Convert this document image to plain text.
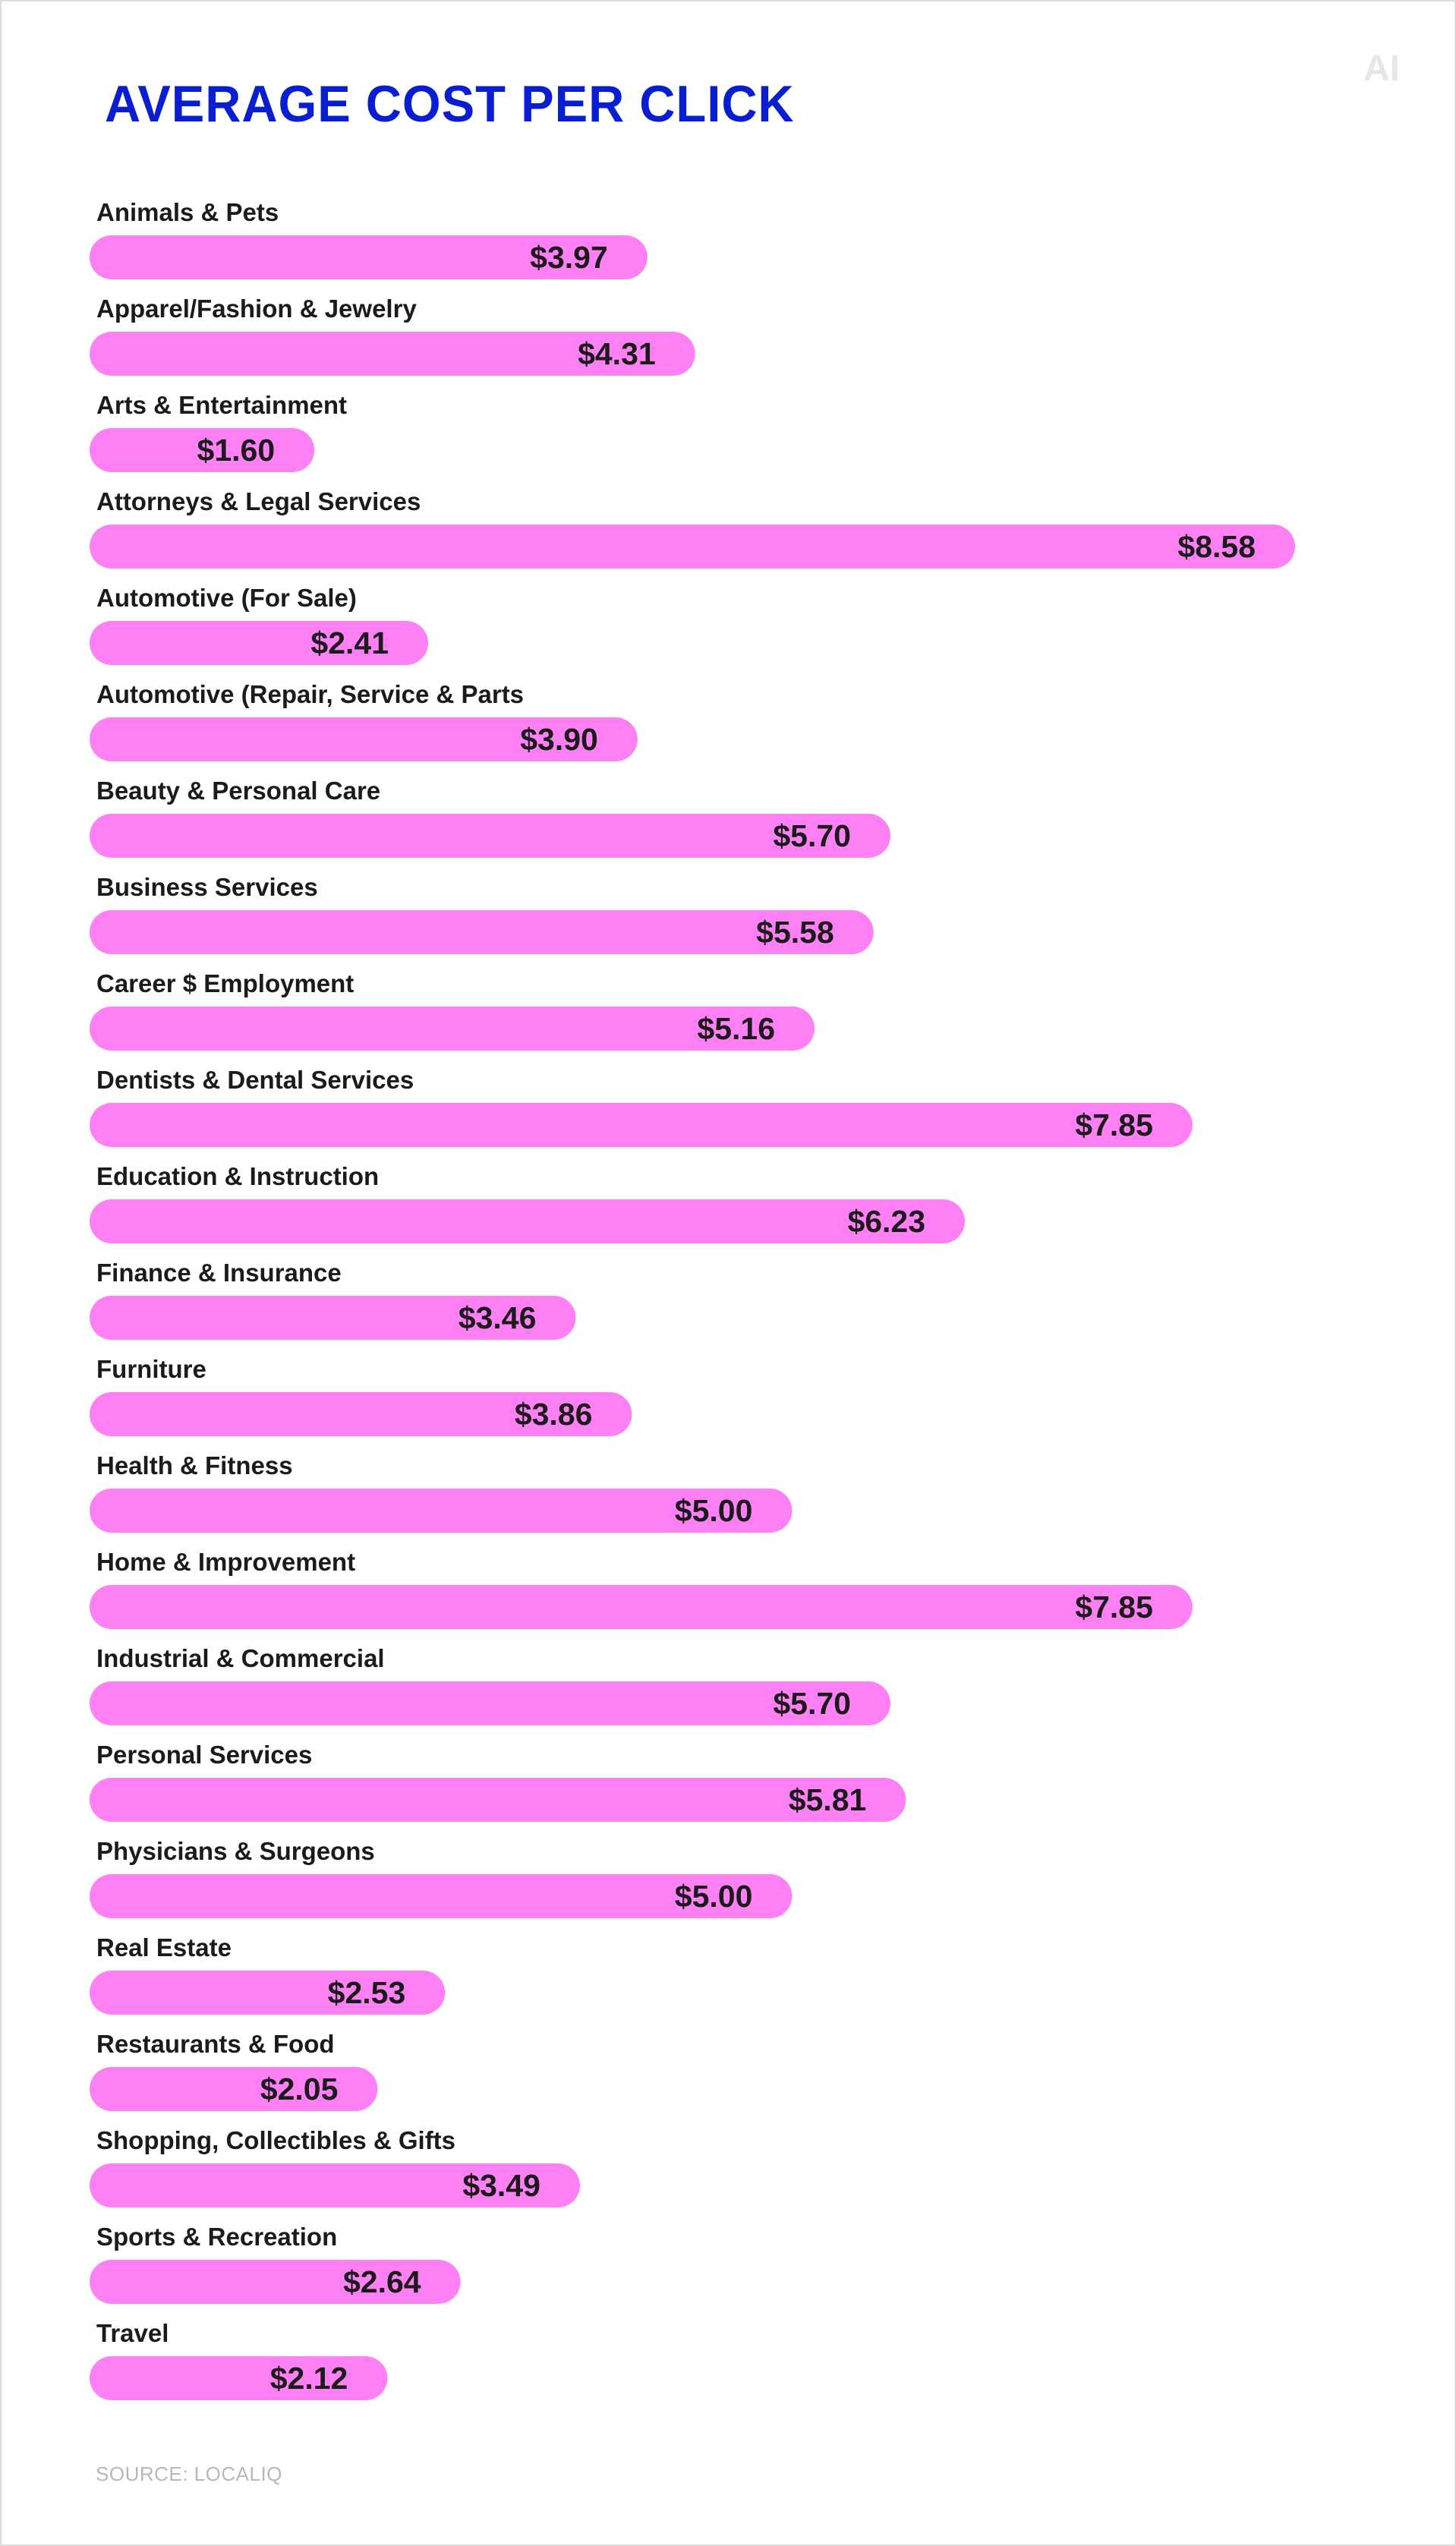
AVERAGE COST PER CLICK
AI
Animals & Pets
$3.97
Apparel/Fashion & Jewelry
$4.31
Arts & Entertainment
$1.60
Attorneys & Legal Services
$8.58
Automotive (For Sale)
$2.41
Automotive (Repair, Service & Parts
$3.90
Beauty & Personal Care
$5.70
Business Services
$5.58
Career $ Employment
$5.16
Dentists & Dental Services
$7.85
Education & Instruction
$6.23
Finance & Insurance
$3.46
Furniture
$3.86
Health & Fitness
$5.00
Home & Improvement
$7.85
Industrial & Commercial
$5.70
Personal Services
$5.81
Physicians & Surgeons
$5.00
Real Estate
$2.53
Restaurants & Food
$2.05
Shopping, Collectibles & Gifts
$3.49
Sports & Recreation
$2.64
Travel
$2.12
SOURCE: LOCALIQ
